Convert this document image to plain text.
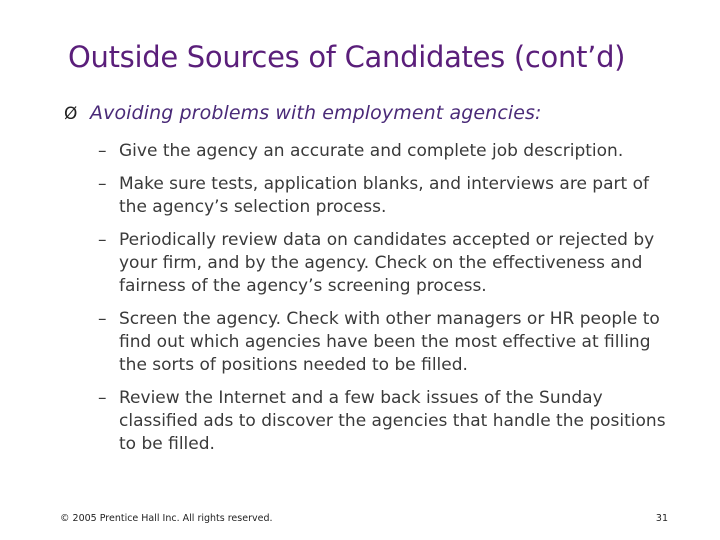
Outside Sources of Candidates (cont’d)
Ø Avoiding problems with employment agencies:
– Give the agency an accurate and complete job description.
– Make sure tests, application blanks, and interviews are part of the agency’s selection process.
– Periodically review data on candidates accepted or rejected by your firm, and by the agency. Check on the effectiveness and fairness of the agency’s screening process.
– Screen the agency. Check with other managers or HR people to find out which agencies have been the most effective at filling the sorts of positions needed to be filled.
– Review the Internet and a few back issues of the Sunday classified ads to discover the agencies that handle the positions to be filled.
© 2005 Prentice Hall Inc. All rights reserved.	31
